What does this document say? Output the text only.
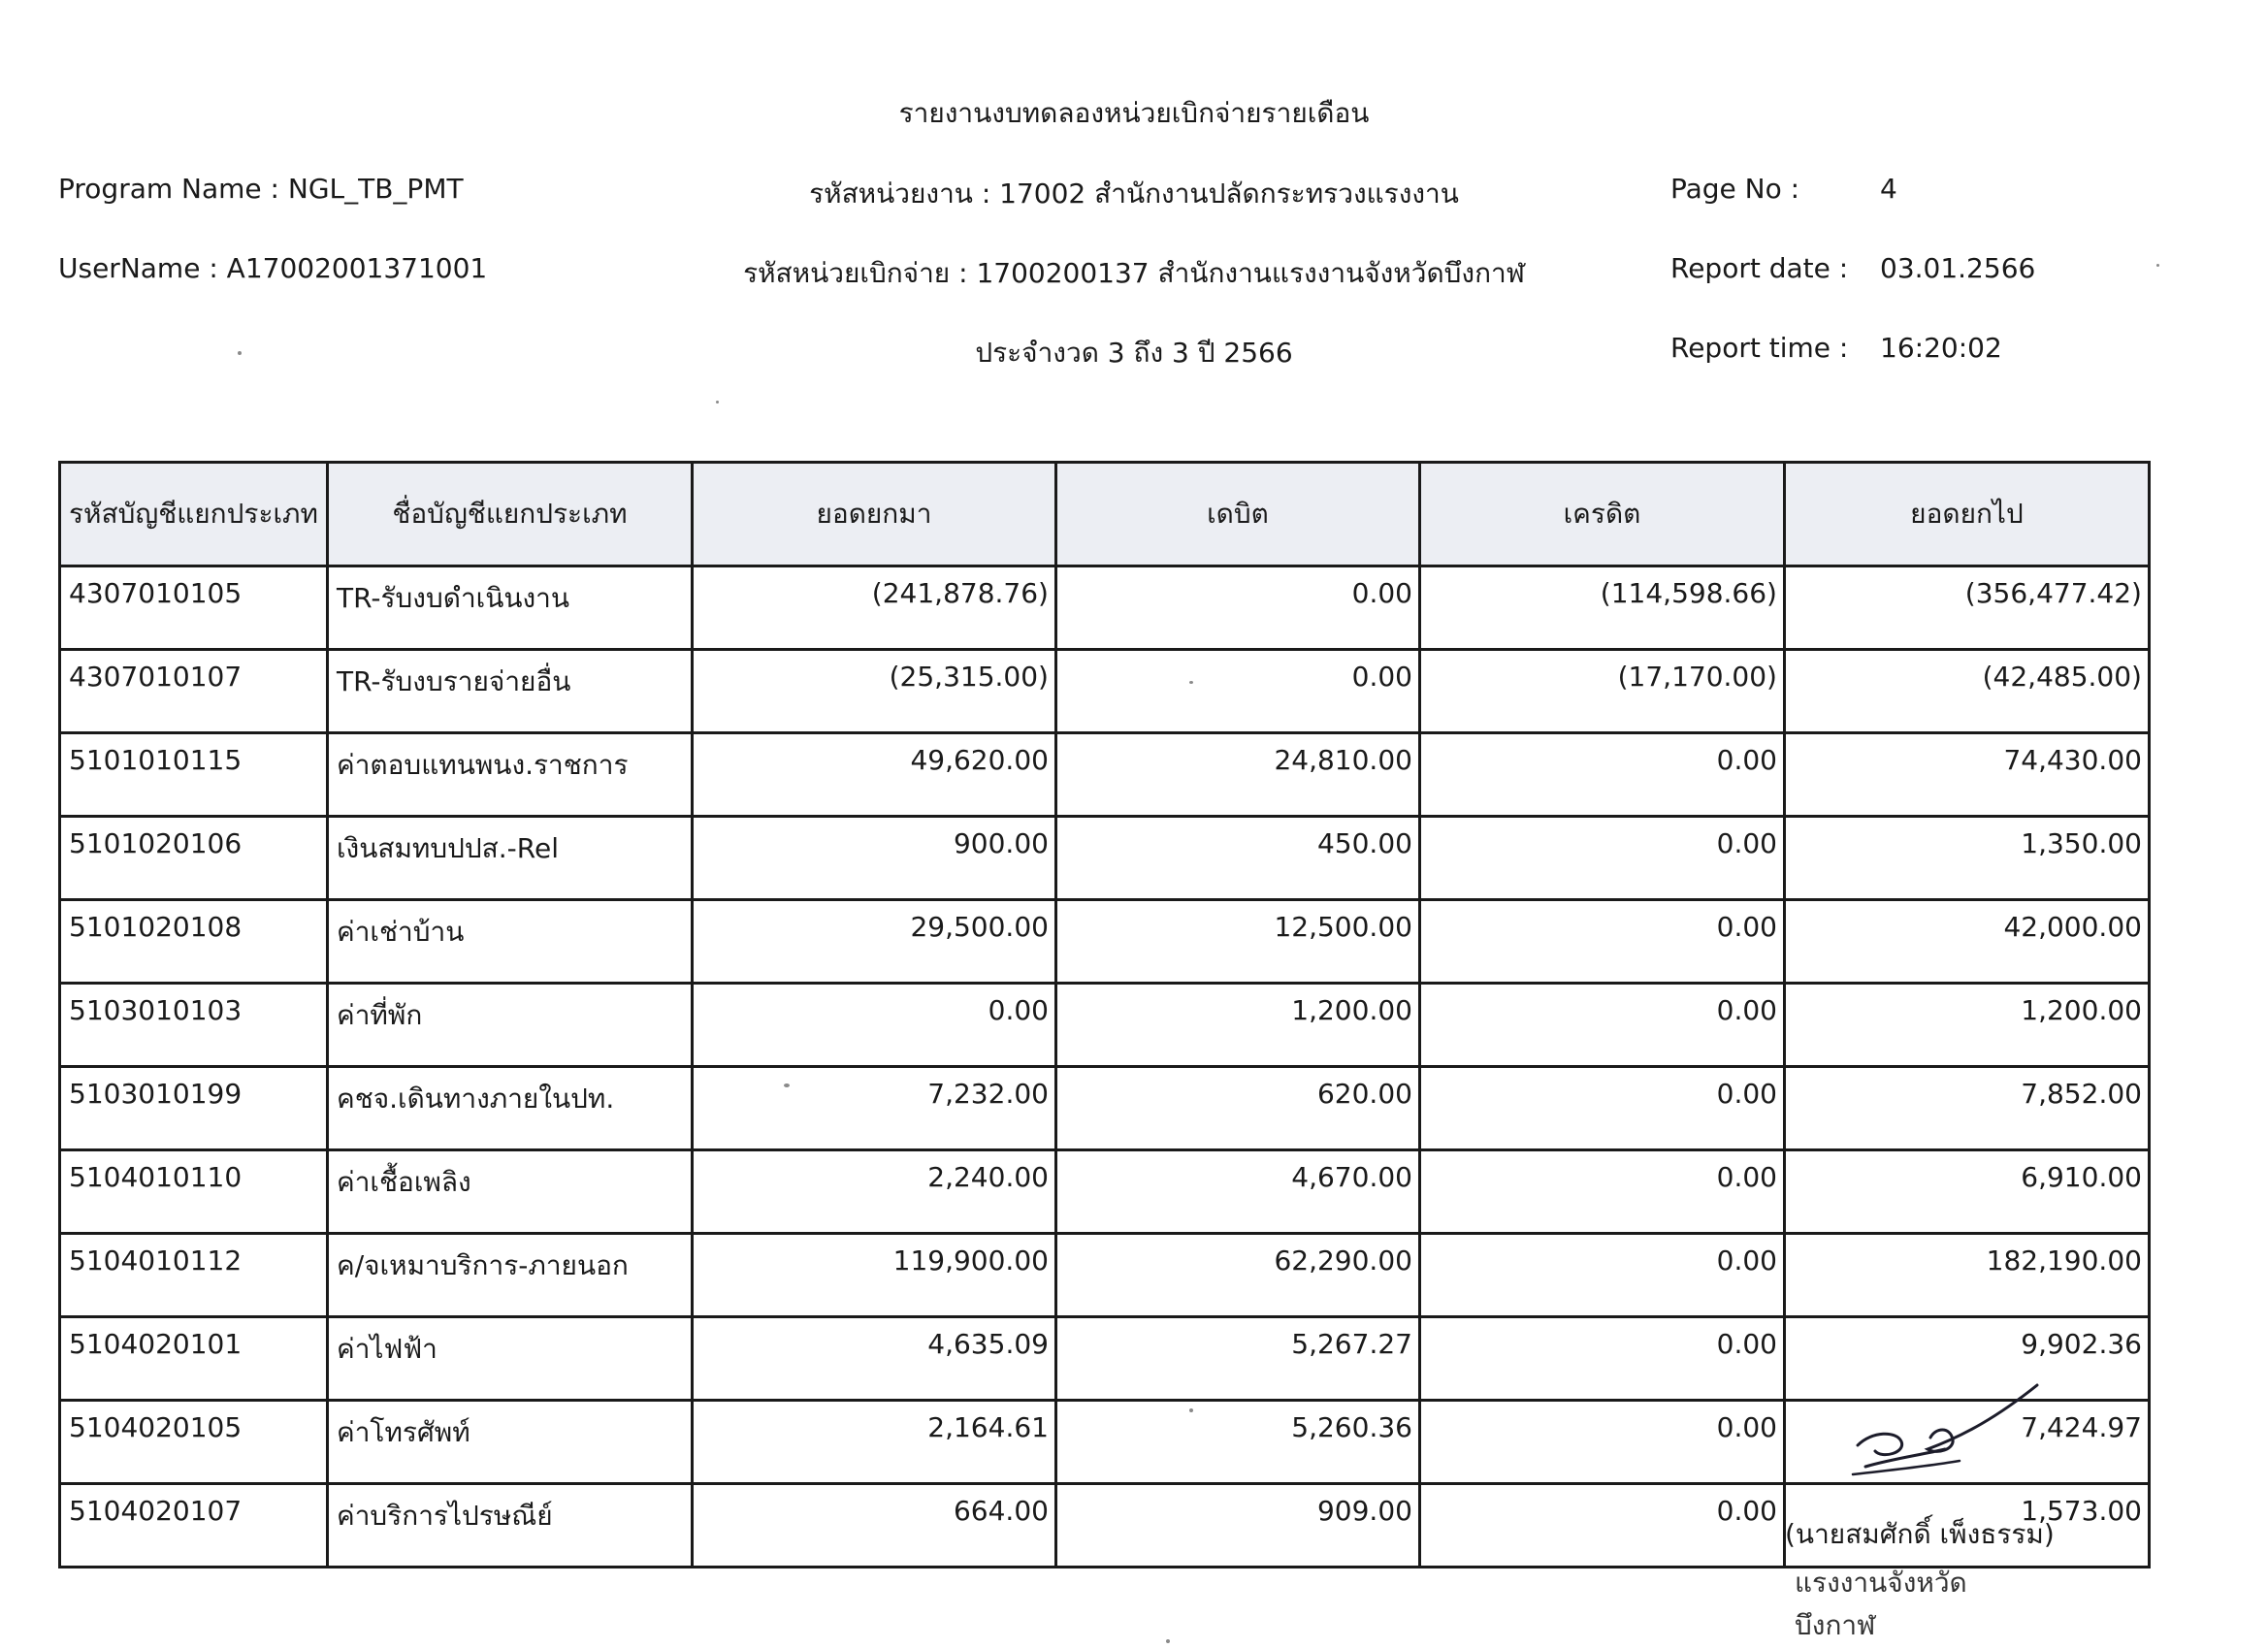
รายงานงบทดลองหน่วยเบิกจ่ายรายเดือน
Program Name : NGL_TB_PMT	รหัสหน่วยงาน : 17002 สำนักงานปลัดกระทรวงแรงงาน	Page No :	4
UserName : A17002001371001	รหัสหน่วยเบิกจ่าย : 1700200137 สำนักงานแรงงานจังหวัดบึงกาฬ	Report date : 03.01.2566
ประจำงวด 3 ถึง 3 ปี 2566	Report time : 16:20:02
รหัสบัญชีแยกประเภท	ชื่อบัญชีแยกประเภท	ยอดยกมา	เดบิต	เครดิต	ยอดยกไป
4307010105	TR-รับงบดำเนินงาน	(241,878.76)	0.00	(114,598.66)	(356,477.42)
4307010107	TR-รับงบรายจ่ายอื่น	(25,315.00)	0.00	(17,170.00)	(42,485.00)
5101010115	ค่าตอบแทนพนง.ราชการ	49,620.00	24,810.00	0.00	74,430.00
5101020106	เงินสมทบปปส.-Rel	900.00	450.00	0.00	1,350.00
5101020108	ค่าเช่าบ้าน	29,500.00	12,500.00	0.00	42,000.00
5103010103	ค่าที่พัก	0.00	1,200.00	0.00	1,200.00
5103010199	คชจ.เดินทางภายในปท.	7,232.00	620.00	0.00	7,852.00
5104010110	ค่าเชื้อเพลิง	2,240.00	4,670.00	0.00	6,910.00
5104010112	ค/จเหมาบริการ-ภายนอก	119,900.00	62,290.00	0.00	182,190.00
5104020101	ค่าไฟฟ้า	4,635.09	5,267.27	0.00	9,902.36
5104020105	ค่าโทรศัพท์	2,164.61	5,260.36	0.00	7,424.97
5104020107	ค่าบริการไปรษณีย์	664.00	909.00	0.00	1,573.00
(นายสมศักดิ์ เพ็งธรรม)
แรงงานจังหวัดบึงกาฬ
